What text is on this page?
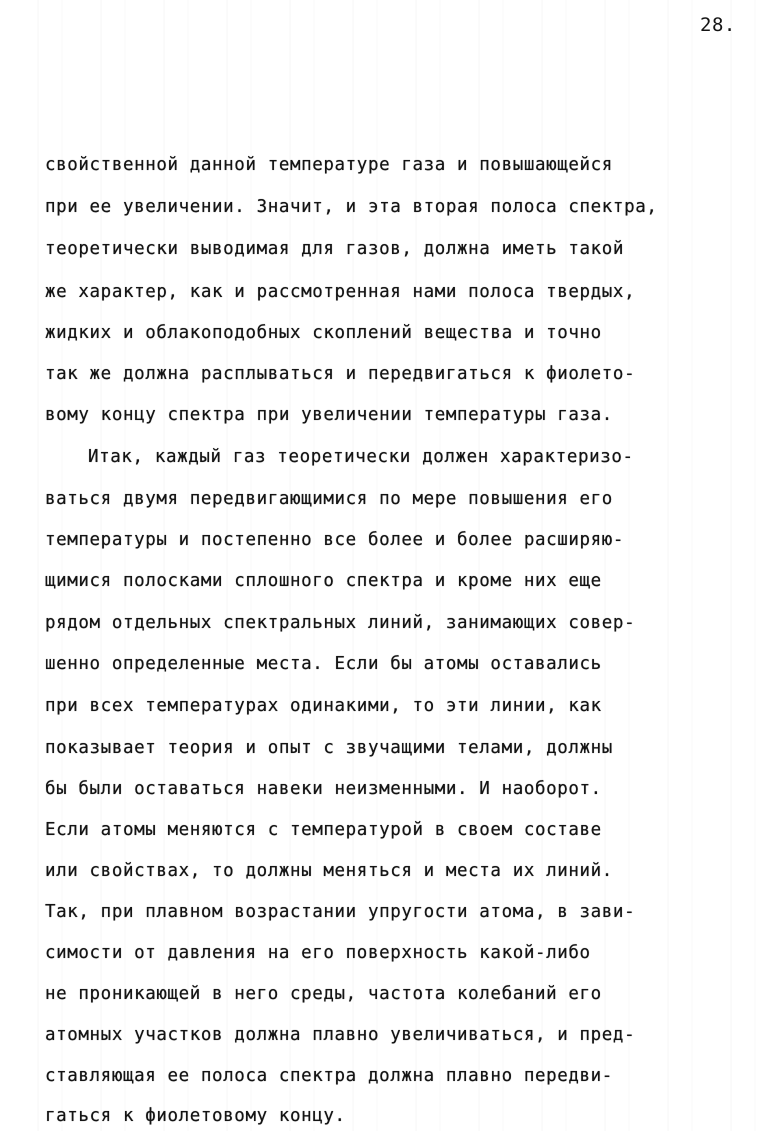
28.
свойственной данной температуре газа и повышающейся
при ее увеличении. Значит, и эта вторая полоса спектра,
теоретически выводимая для газов, должна иметь такой
же характер, как и рассмотренная нами полоса твердых,
жидких и облакоподобных скоплений вещества и точно
так же должна расплываться и передвигаться к фиолето-
вому концу спектра при увеличении температуры газа.
Итак, каждый газ теоретически должен характеризо-
ваться двумя передвигающимися по мере повышения его
температуры и постепенно все более и более расширяю-
щимися полосками сплошного спектра и кроме них еще
рядом отдельных спектральных линий, занимающих совер-
шенно определенные места. Если бы атомы оставались
при всех температурах одинакими, то эти линии, как
показывает теория и опыт с звучащими телами, должны
бы были оставаться навеки неизменными. И наоборот.
Если атомы меняются с температурой в своем составе
или свойствах, то должны меняться и места их линий.
Так, при плавном возрастании упругости атома, в зави-
симости от давления на его поверхность какой-либо
не проникающей в него среды, частота колебаний его
атомных участков должна плавно увеличиваться, и пред-
ставляющая ее полоса спектра должна плавно передви-
гаться к фиолетовому концу.
